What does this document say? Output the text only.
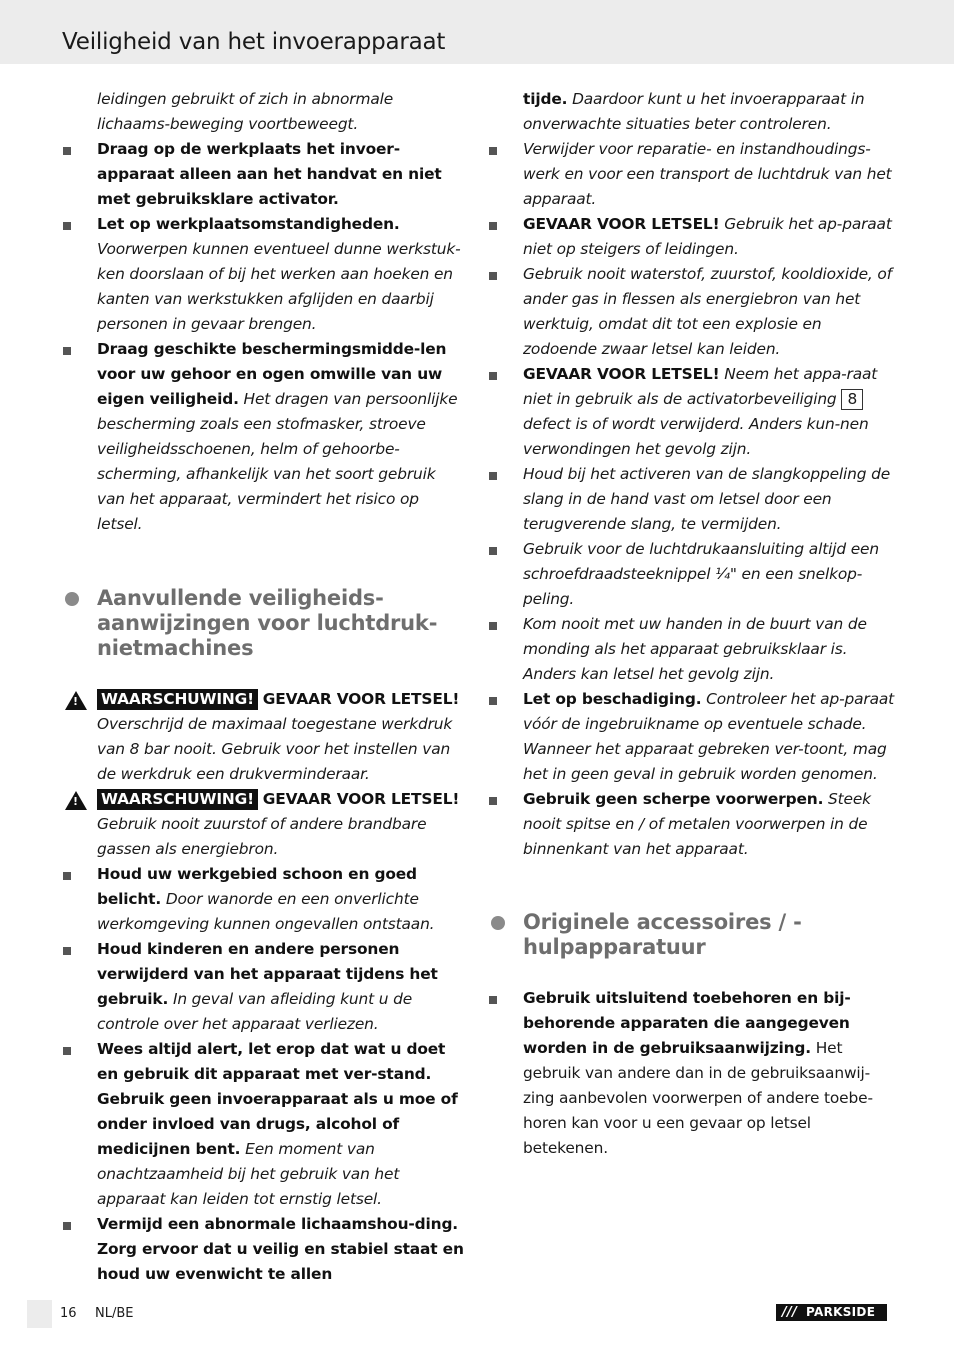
Veiligheid van het invoerapparaat
leidingen gebruikt of zich in abnormale lichaams-beweging voortbeweegt.
Draag op de werkplaats het invoer-apparaat alleen aan het handvat en niet met gebruiksklare activator.
Let op werkplaatsomstandigheden. Voorwerpen kunnen eventueel dunne werkstuk-ken doorslaan of bij het werken aan hoeken en kanten van werkstukken afglijden en daarbij personen in gevaar brengen.
Draag geschikte beschermingsmidde-len voor uw gehoor en ogen omwille van uw eigen veiligheid. Het dragen van persoonlijke bescherming zoals een stofmasker, stroeve veiligheidsschoenen, helm of gehoorbe-scherming, afhankelijk van het soort gebruik van het apparaat, vermindert het risico op letsel.
Aanvullende veiligheids-aanwijzingen voor luchtdruk-nietmachines
! WAARSCHUWING! GEVAAR VOOR LETSEL! Overschrijd de maximaal toegestane werkdruk van 8 bar nooit. Gebruik voor het instellen van de werkdruk een drukverminderaar.
! WAARSCHUWING! GEVAAR VOOR LETSEL! Gebruik nooit zuurstof of andere brandbare gassen als energiebron.
Houd uw werkgebied schoon en goed belicht. Door wanorde en een onverlichte werkomgeving kunnen ongevallen ontstaan.
Houd kinderen en andere personen verwijderd van het apparaat tijdens het gebruik. In geval van afleiding kunt u de controle over het apparaat verliezen.
Wees altijd alert, let erop dat wat u doet en gebruik dit apparaat met ver-stand. Gebruik geen invoerapparaat als u moe of onder invloed van drugs, alcohol of medicijnen bent. Een moment van onachtzaamheid bij het gebruik van het apparaat kan leiden tot ernstig letsel.
Vermijd een abnormale lichaamshou-ding. Zorg ervoor dat u veilig en stabiel staat en houd uw evenwicht te allen
tijde. Daardoor kunt u het invoerapparaat in onverwachte situaties beter controleren.
Verwijder voor reparatie- en instandhoudings-werk en voor een transport de luchtdruk van het apparaat.
GEVAAR VOOR LETSEL! Gebruik het ap-paraat niet op steigers of leidingen.
Gebruik nooit waterstof, zuurstof, kooldioxide, of ander gas in flessen als energiebron van het werktuig, omdat dit tot een explosie en zodoende zwaar letsel kan leiden.
GEVAAR VOOR LETSEL! Neem het appa-raat niet in gebruik als de activatorbeveiliging 8defect is of wordt verwijderd. Anders kun-nen verwondingen het gevolg zijn.
Houd bij het activeren van de slangkoppeling de slang in de hand vast om letsel door een terugverende slang, te vermijden.
Gebruik voor de luchtdrukaansluiting altijd een schroefdraadsteeknippel ¼" en een snelkop-peling.
Kom nooit met uw handen in de buurt van de monding als het apparaat gebruiksklaar is. Anders kan letsel het gevolg zijn.
Let op beschadiging. Controleer het ap-paraat vóór de ingebruikname op eventuele schade. Wanneer het apparaat gebreken ver-toont, mag het in geen geval in gebruik worden genomen.
Gebruik geen scherpe voorwerpen. Steek nooit spitse en / of metalen voorwerpen in de binnenkant van het apparaat.
Originele accessoires / -hulpapparatuur
Gebruik uitsluitend toebehoren en bij-behorende apparaten die aangegeven worden in de gebruiksaanwijzing. Het gebruik van andere dan in de gebruiksaanwij-zing aanbevolen voorwerpen of andere toebe-horen kan voor u een gevaar op letsel betekenen.
16 NL/BE	/// PARKSIDE
